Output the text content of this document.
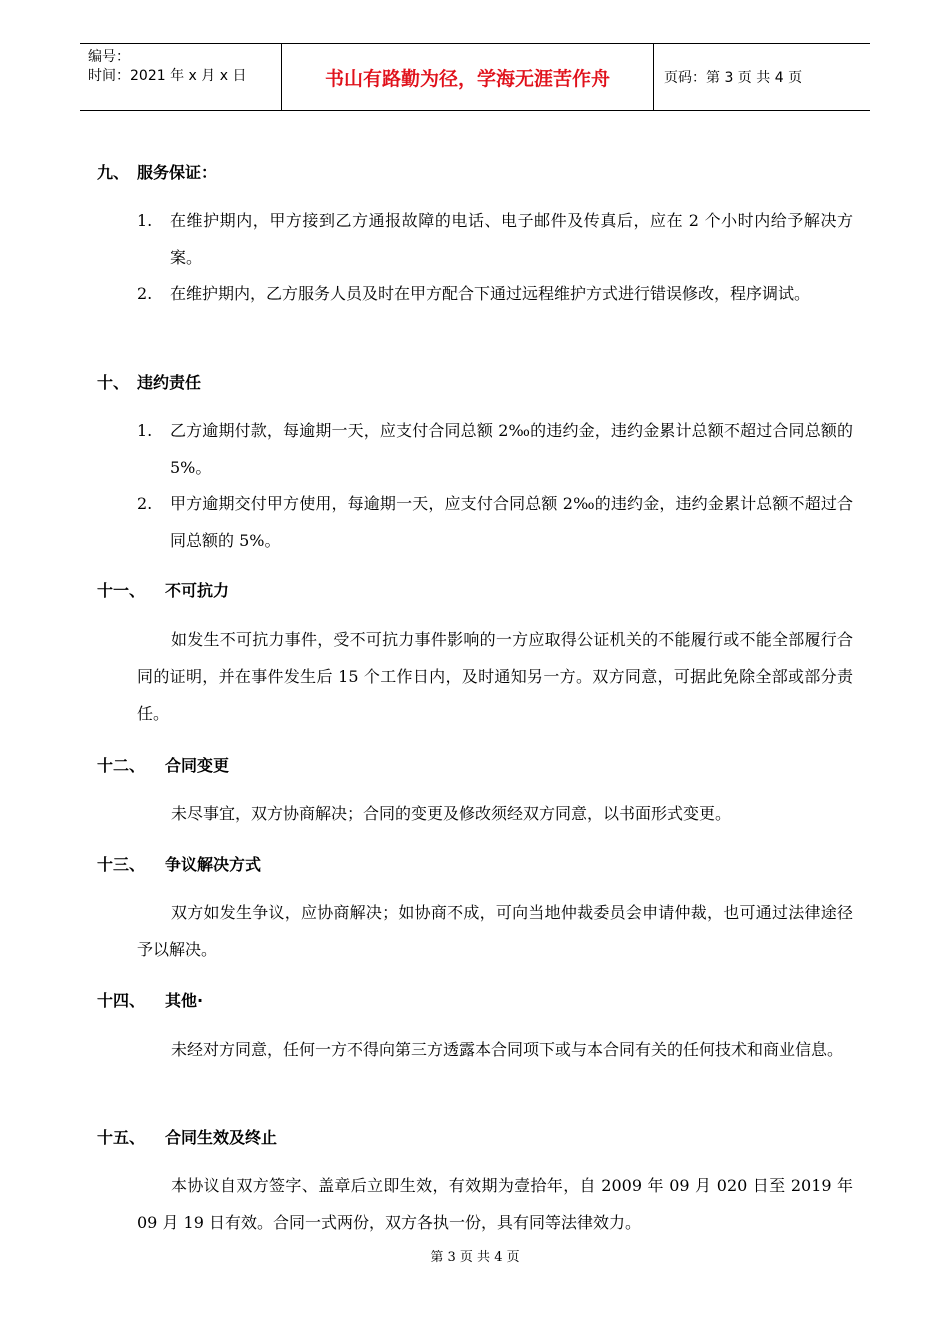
编号：
时间：2021 年 x 月 x 日	书山有路勤为径，学海无涯苦作舟	页码：第 3 页 共 4 页
九、 服务保证：
1.	在维护期内，甲方接到乙方通报故障的电话、电子邮件及传真后，应在 2 个小时内给予解决方案。
2.	在维护期内，乙方服务人员及时在甲方配合下通过远程维护方式进行错误修改，程序调试。
十、 违约责任
1.	乙方逾期付款，每逾期一天，应支付合同总额 2‰的违约金，违约金累计总额不超过合同总额的 5%。
2.	甲方逾期交付甲方使用，每逾期一天，应支付合同总额 2‰的违约金，违约金累计总额不超过合同总额的 5%。
十一、 不可抗力
如发生不可抗力事件，受不可抗力事件影响的一方应取得公证机关的不能履行或不能全部履行合同的证明，并在事件发生后 15 个工作日内，及时通知另一方。双方同意，可据此免除全部或部分责任。
十二、 合同变更
未尽事宜，双方协商解决；合同的变更及修改须经双方同意，以书面形式变更。
十三、 争议解决方式
双方如发生争议，应协商解决；如协商不成，可向当地仲裁委员会申请仲裁，也可通过法律途径予以解决。
十四、 其他·
未经对方同意，任何一方不得向第三方透露本合同项下或与本合同有关的任何技术和商业信息。
十五、 合同生效及终止
本协议自双方签字、盖章后立即生效，有效期为壹拾年，自 2009 年 09 月 020 日至 2019 年 09 月 19 日有效。合同一式两份，双方各执一份，具有同等法律效力。
第 3 页 共 4 页
